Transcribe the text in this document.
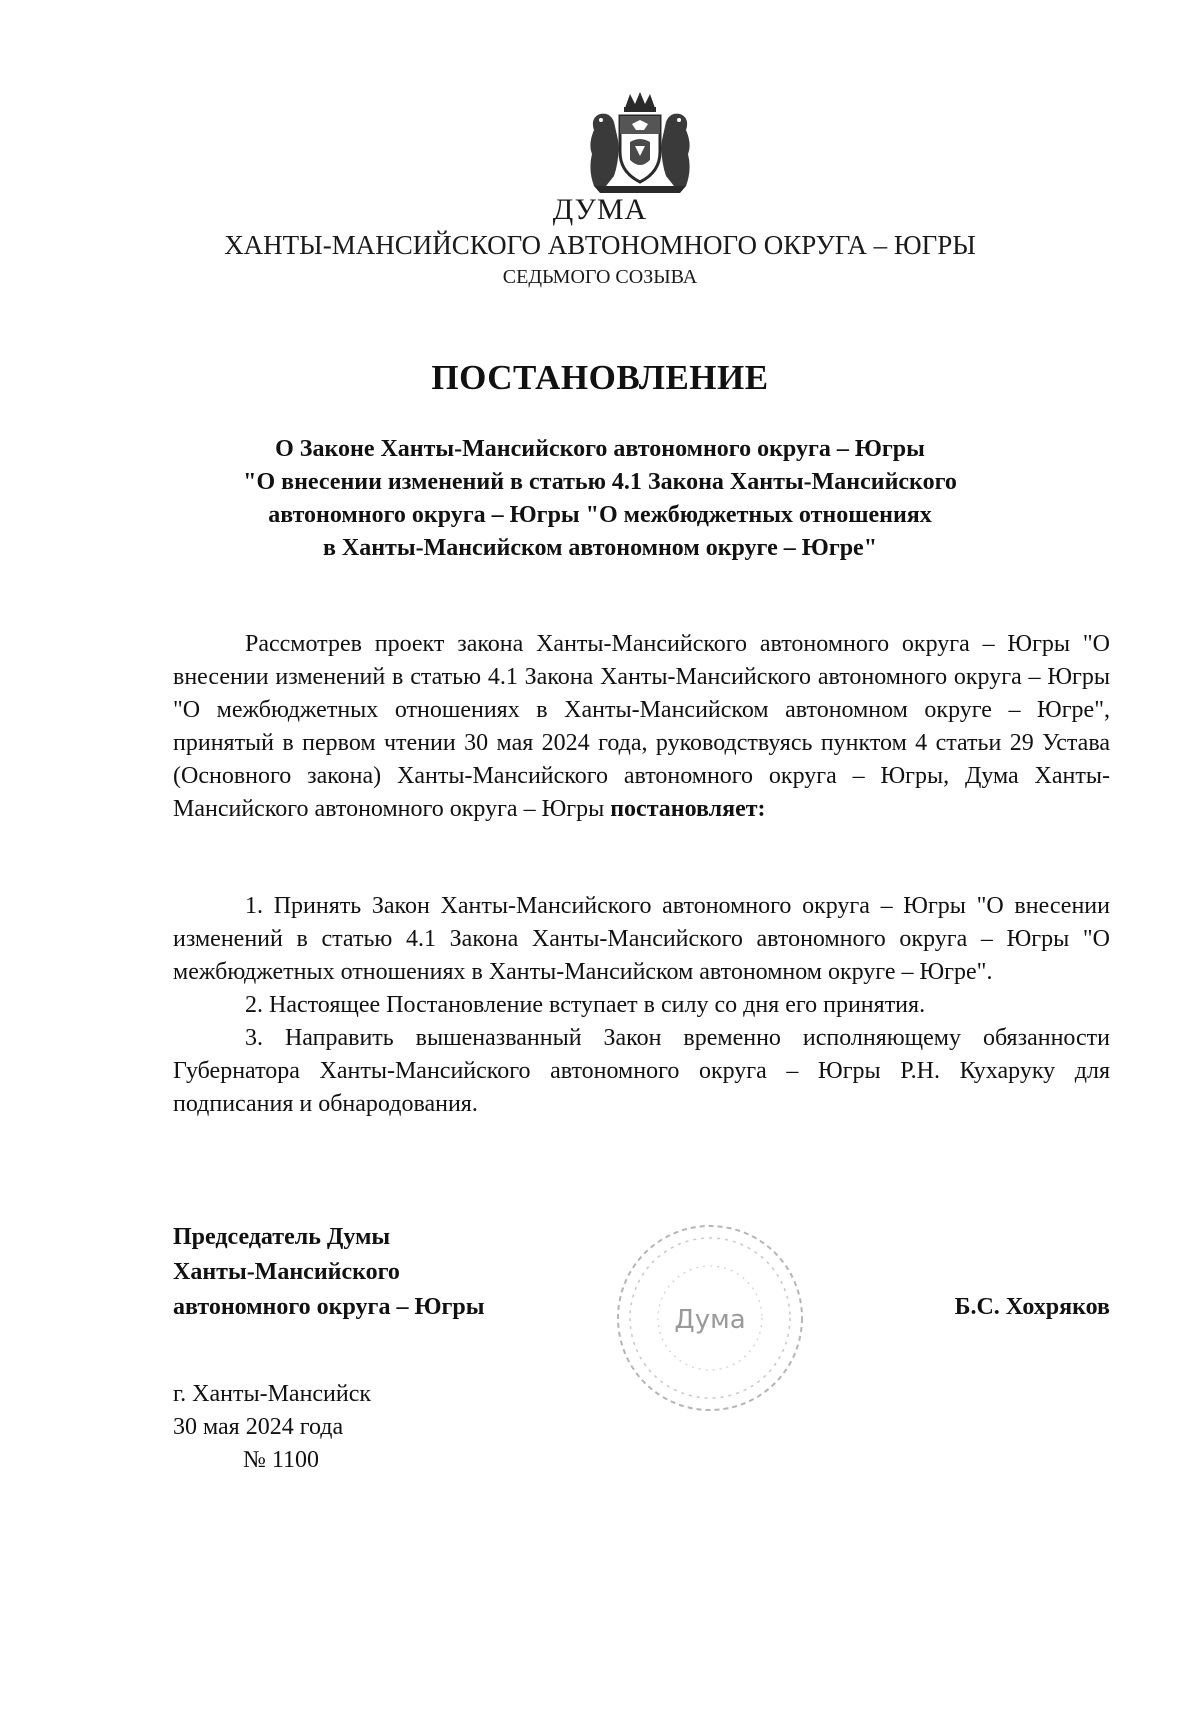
ДУМА
ХАНТЫ-МАНСИЙСКОГО АВТОНОМНОГО ОКРУГА – ЮГРЫ
СЕДЬМОГО СОЗЫВА
ПОСТАНОВЛЕНИЕ
О Законе Ханты-Мансийского автономного округа – Югры
"О внесении изменений в статью 4.1 Закона Ханты-Мансийского
автономного округа – Югры "О межбюджетных отношениях
в Ханты-Мансийском автономном округе – Югре"

Рассмотрев проект закона Ханты-Мансийского автономного округа – Югры "О внесении изменений в статью 4.1 Закона Ханты-Мансийского автономного округа – Югры "О межбюджетных отношениях в Ханты-Мансийском автономном округе – Югре", принятый в первом чтении 30 мая 2024 года, руководствуясь пунктом 4 статьи 29 Устава (Основного закона) Ханты-Мансийского автономного округа – Югры, Дума Ханты-Мансийского автономного округа – Югры постановляет:

1. Принять Закон Ханты-Мансийского автономного округа – Югры "О внесении изменений в статью 4.1 Закона Ханты-Мансийского автономного округа – Югры "О межбюджетных отношениях в Ханты-Мансийском автономном округе – Югре".

2. Настоящее Постановление вступает в силу со дня его принятия.

3. Направить вышеназванный Закон временно исполняющему обязанности Губернатора Ханты-Мансийского автономного округа – Югры Р.Н. Кухаруку для подписания и обнародования.

Дума
Председатель Думы
Ханты-Мансийского
автономного округа – Югры	Б.С. Хохряков
г. Ханты-Мансийск
30 мая 2024 года
№ 1100
